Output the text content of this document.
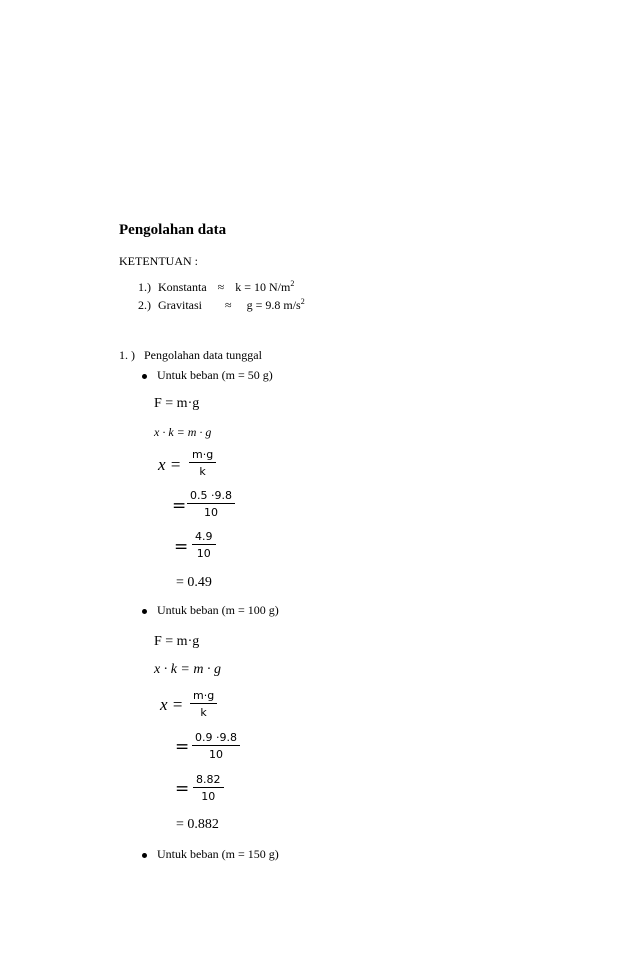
Pengolahan data
KETENTUAN :
1.) Konstanta ≈ k = 10 $N/m^2$
2.) Gravitasi ≈ g = 9.8 $m/s^2$
1. ) Pengolahan data tunggal
Untuk beban (m = 50 g)
F = m·g
x · k = m · g
$x = \frac{m\cdot g}{k}$
= $\frac{0.5 \cdot 9.8}{10}$
= $\frac{4.9}{10}$
= 0.49
Untuk beban (m = 100 g)
F = m·g
x · k = m · g
$x = \frac{m\cdot g}{k}$
= $\frac{0.9 \cdot 9.8}{10}$
= $\frac{8.82}{10}$
= 0.882
Untuk beban (m = 150 g)
